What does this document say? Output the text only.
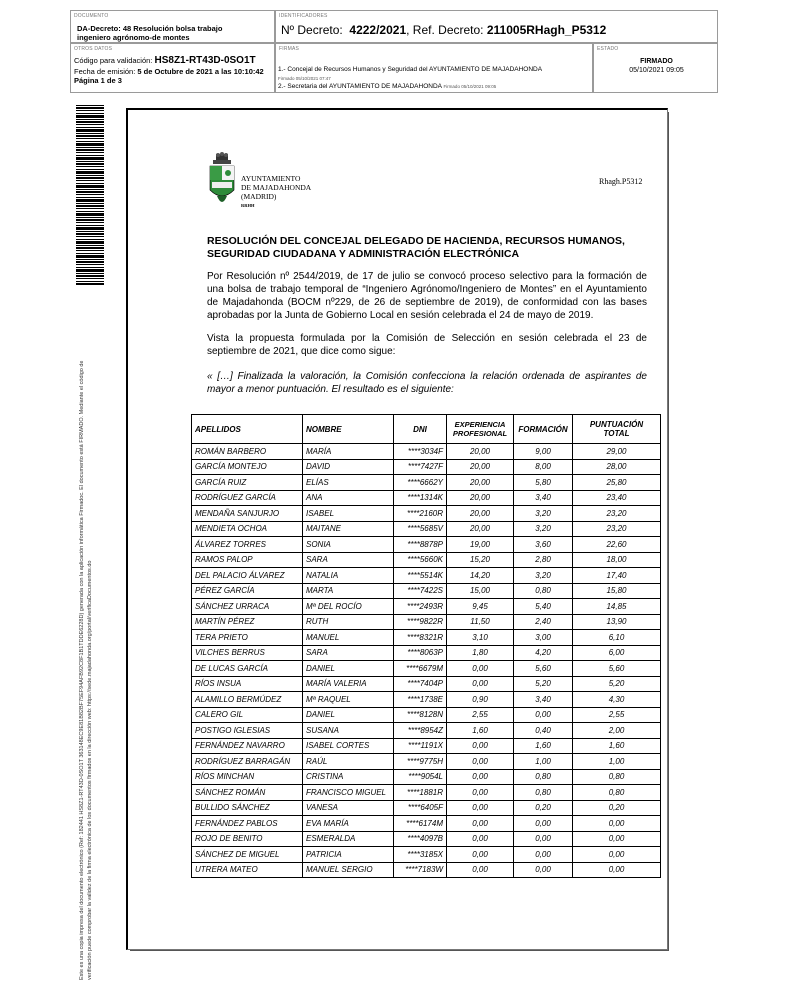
DOCUMENTO
DA-Decreto: 48 Resolución bolsa trabajo ingeniero agrónomo-de montes
IDENTIFICADORES
Nº Decreto: 4222/2021, Ref. Decreto: 211005RHagh_P5312
OTROS DATOS
Código para validación: HS8Z1-RT43D-0SO1T
Fecha de emisión: 5 de Octubre de 2021 a las 10:10:42
Página 1 de 3
FIRMAS
1.- Concejal de Recursos Humanos y Seguridad del AYUNTAMIENTO DE MAJADAHONDA
Firmado 05/10/2021 07:47
2.- Secretaria del AYUNTAMIENTO DE MAJADAHONDA Firmado 05/10/2021 09:05
ESTADO
FIRMADO
05/10/2021 09:05
Este es una copia impresa del documento electrónico (Ref: 182441 HS8Z1-RT43D-0SO1T 363148EC9E81B82BF75EF94AFB92C8F1B1TDDE6228D) generada con la aplicación informática Firmadoc. El documento está FIRMADO. Mediante el código de verificación puede comprobar la validez de la firma electrónica de los documentos firmados en la dirección web: https://sede.majadahonda.org/portal/verificaDocumentos.do
AYUNTAMIENTO
DE MAJADAHONDA
(MADRID)
RRHH
Rhagh.P5312
RESOLUCIÓN DEL CONCEJAL DELEGADO DE HACIENDA, RECURSOS HUMANOS, SEGURIDAD CIUDADANA Y ADMINISTRACIÓN ELECTRÓNICA
Por Resolución nº 2544/2019, de 17 de julio se convocó proceso selectivo para la formación de una bolsa de trabajo temporal de “Ingeniero Agrónomo/Ingeniero de Montes” en el Ayuntamiento de Majadahonda (BOCM nº229, de 26 de septiembre de 2019), de conformidad con las bases aprobadas por la Junta de Gobierno Local en sesión celebrada el 24 de mayo de 2019.
Vista la propuesta formulada por la Comisión de Selección en sesión celebrada el 23 de septiembre de 2021, que dice como sigue:
« […] Finalizada la valoración, la Comisión confecciona la relación ordenada de aspirantes de mayor a menor puntuación. El resultado es el siguiente:
APELLIDOS	NOMBRE	DNI	EXPERIENCIA PROFESIONAL	FORMACIÓN	PUNTUACIÓN TOTAL
ROMÁN BARBERO	MARÍA	****3034F	20,00	9,00	29,00
GARCÍA MONTEJO	DAVID	****7427F	20,00	8,00	28,00
GARCÍA RUIZ	ELÍAS	****6662Y	20,00	5,80	25,80
RODRÍGUEZ GARCÍA	ANA	****1314K	20,00	3,40	23,40
MENDAÑA SANJURJO	ISABEL	****2160R	20,00	3,20	23,20
MENDIETA OCHOA	MAITANE	****5685V	20,00	3,20	23,20
ÁLVAREZ TORRES	SONIA	****8878P	19,00	3,60	22,60
RAMOS PALOP	SARA	****5660K	15,20	2,80	18,00
DEL PALACIO ÁLVAREZ	NATALIA	****5514K	14,20	3,20	17,40
PÉREZ GARCÍA	MARTA	****7422S	15,00	0,80	15,80
SÁNCHEZ URRACA	Mª DEL ROCÍO	****2493R	9,45	5,40	14,85
MARTÍN PÉREZ	RUTH	****9822R	11,50	2,40	13,90
TERA PRIETO	MANUEL	****8321R	3,10	3,00	6,10
VILCHES BERRUS	SARA	****8063P	1,80	4,20	6,00
DE LUCAS GARCÍA	DANIEL	****6679M	0,00	5,60	5,60
RÍOS INSUA	MARÍA VALERIA	****7404P	0,00	5,20	5,20
ALAMILLO BERMÚDEZ	Mª RAQUEL	****1738E	0,90	3,40	4,30
CALERO GIL	DANIEL	****8128N	2,55	0,00	2,55
POSTIGO IGLESIAS	SUSANA	****8954Z	1,60	0,40	2,00
FERNÁNDEZ NAVARRO	ISABEL CORTES	****1191X	0,00	1,60	1,60
RODRÍGUEZ BARRAGÁN	RAÚL	****9775H	0,00	1,00	1,00
RÍOS MINCHAN	CRISTINA	****9054L	0,00	0,80	0,80
SÁNCHEZ ROMÁN	FRANCISCO MIGUEL	****1881R	0,00	0,80	0,80
BULLIDO SÁNCHEZ	VANESA	****6405F	0,00	0,20	0,20
FERNÁNDEZ PABLOS	EVA MARÍA	****6174M	0,00	0,00	0,00
ROJO DE BENITO	ESMERALDA	****4097B	0,00	0,00	0,00
SÁNCHEZ DE MIGUEL	PATRICIA	****3185X	0,00	0,00	0,00
UTRERA MATEO	MANUEL SERGIO	****7183W	0,00	0,00	0,00
